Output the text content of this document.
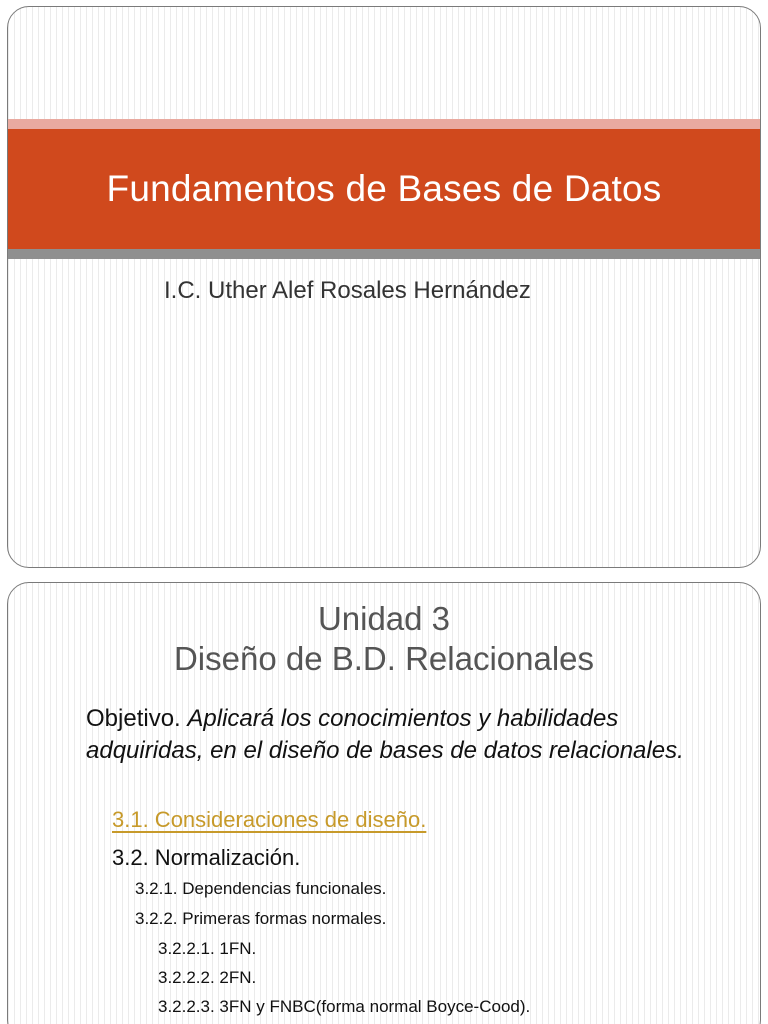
Fundamentos de Bases de Datos
I.C. Uther Alef Rosales Hernández
Unidad 3
Diseño de B.D. Relacionales
Objetivo. Aplicará los conocimientos y habilidades adquiridas, en el diseño de bases de datos relacionales.
3.1. Consideraciones de diseño.
3.2. Normalización.
3.2.1. Dependencias funcionales.
3.2.2. Primeras formas normales.
3.2.2.1. 1FN.
3.2.2.2. 2FN.
3.2.2.3. 3FN y FNBC(forma normal Boyce-Cood).
